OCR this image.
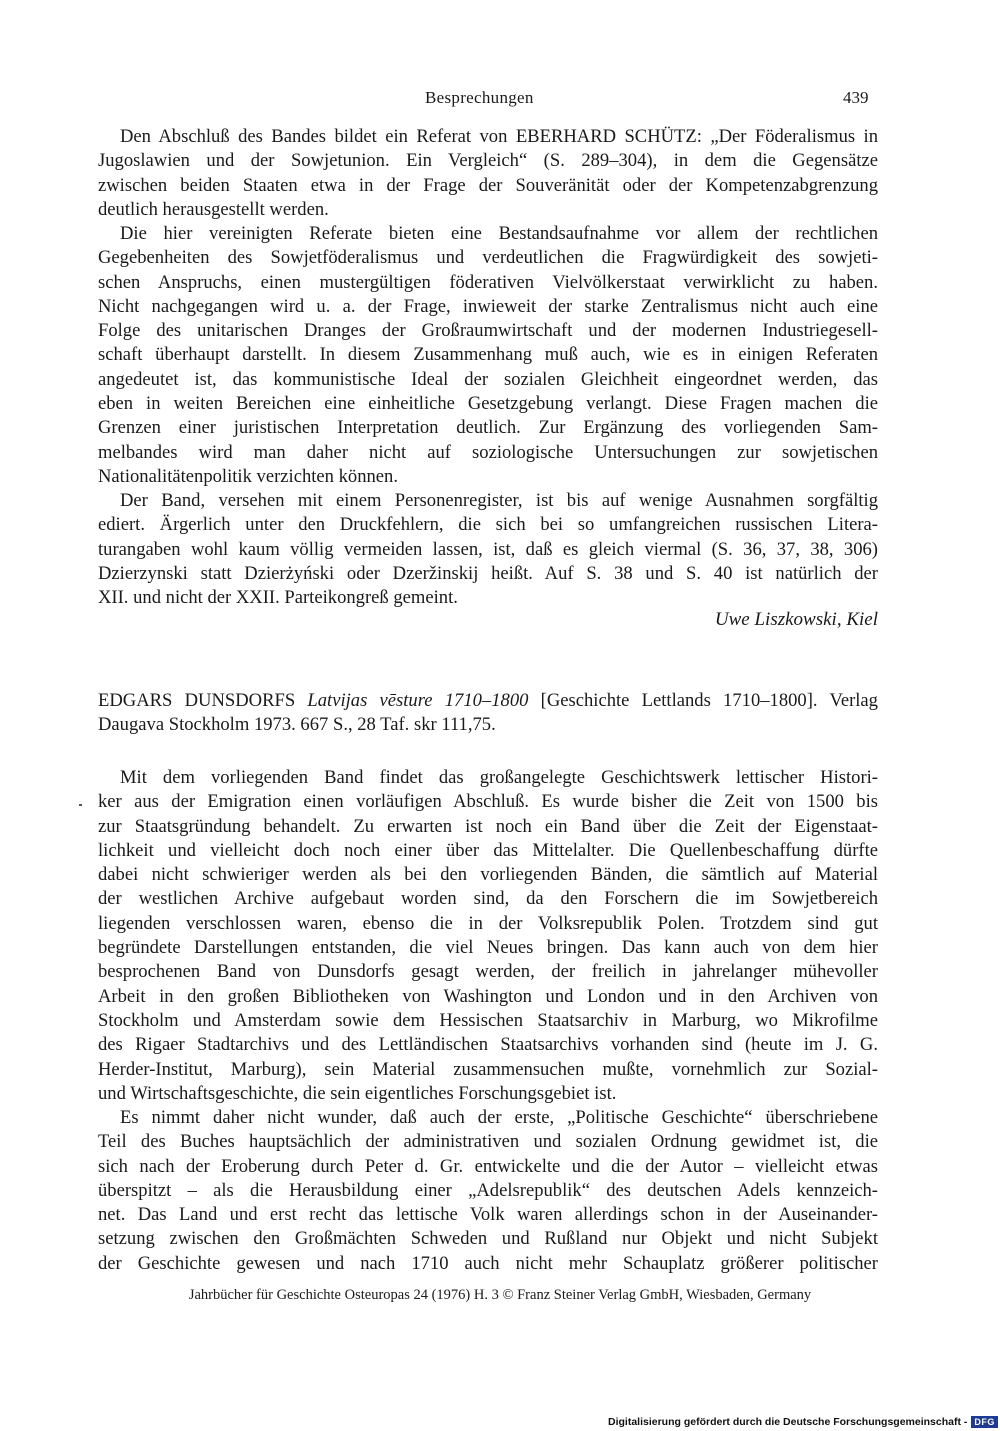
Besprechungen	439
Den Abschluß des Bandes bildet ein Referat von EBERHARD SCHÜTZ: „Der Föderalismus in
Jugoslawien und der Sowjetunion. Ein Vergleich“ (S. 289–304), in dem die Gegensätze
zwischen beiden Staaten etwa in der Frage der Souveränität oder der Kompetenzabgrenzung
deutlich herausgestellt werden.
Die hier vereinigten Referate bieten eine Bestandsaufnahme vor allem der rechtlichen
Gegebenheiten des Sowjetföderalismus und verdeutlichen die Fragwürdigkeit des sowjeti-
schen Anspruchs, einen mustergültigen föderativen Vielvölkerstaat verwirklicht zu haben.
Nicht nachgegangen wird u. a. der Frage, inwieweit der starke Zentralismus nicht auch eine
Folge des unitarischen Dranges der Großraumwirtschaft und der modernen Industriegesell-
schaft überhaupt darstellt. In diesem Zusammenhang muß auch, wie es in einigen Referaten
angedeutet ist, das kommunistische Ideal der sozialen Gleichheit eingeordnet werden, das
eben in weiten Bereichen eine einheitliche Gesetzgebung verlangt. Diese Fragen machen die
Grenzen einer juristischen Interpretation deutlich. Zur Ergänzung des vorliegenden Sam-
melbandes wird man daher nicht auf soziologische Untersuchungen zur sowjetischen
Nationalitätenpolitik verzichten können.
Der Band, versehen mit einem Personenregister, ist bis auf wenige Ausnahmen sorgfältig
ediert. Ärgerlich unter den Druckfehlern, die sich bei so umfangreichen russischen Litera-
turangaben wohl kaum völlig vermeiden lassen, ist, daß es gleich viermal (S. 36, 37, 38, 306)
Dzierzynski statt Dzierżyński oder Dzeržinskij heißt. Auf S. 38 und S. 40 ist natürlich der
XII. und nicht der XXII. Parteikongreß gemeint.
Uwe Liszkowski, Kiel
EDGARS DUNSDORFS Latvijas vēsture 1710–1800 [Geschichte Lettlands 1710–1800]. Verlag
Daugava Stockholm 1973. 667 S., 28 Taf. skr 111,75.
Mit dem vorliegenden Band findet das großangelegte Geschichtswerk lettischer Histori-
ker aus der Emigration einen vorläufigen Abschluß. Es wurde bisher die Zeit von 1500 bis
zur Staatsgründung behandelt. Zu erwarten ist noch ein Band über die Zeit der Eigenstaat-
lichkeit und vielleicht doch noch einer über das Mittelalter. Die Quellenbeschaffung dürfte
dabei nicht schwieriger werden als bei den vorliegenden Bänden, die sämtlich auf Material
der westlichen Archive aufgebaut worden sind, da den Forschern die im Sowjetbereich
liegenden verschlossen waren, ebenso die in der Volksrepublik Polen. Trotzdem sind gut
begründete Darstellungen entstanden, die viel Neues bringen. Das kann auch von dem hier
besprochenen Band von Dunsdorfs gesagt werden, der freilich in jahrelanger mühevoller
Arbeit in den großen Bibliotheken von Washington und London und in den Archiven von
Stockholm und Amsterdam sowie dem Hessischen Staatsarchiv in Marburg, wo Mikrofilme
des Rigaer Stadtarchivs und des Lettländischen Staatsarchivs vorhanden sind (heute im J. G.
Herder-Institut, Marburg), sein Material zusammensuchen mußte, vornehmlich zur Sozial-
und Wirtschaftsgeschichte, die sein eigentliches Forschungsgebiet ist.
Es nimmt daher nicht wunder, daß auch der erste, „Politische Geschichte“ überschriebene
Teil des Buches hauptsächlich der administrativen und sozialen Ordnung gewidmet ist, die
sich nach der Eroberung durch Peter d. Gr. entwickelte und die der Autor – vielleicht etwas
überspitzt – als die Herausbildung einer „Adelsrepublik“ des deutschen Adels kennzeich-
net. Das Land und erst recht das lettische Volk waren allerdings schon in der Auseinander-
setzung zwischen den Großmächten Schweden und Rußland nur Objekt und nicht Subjekt
der Geschichte gewesen und nach 1710 auch nicht mehr Schauplatz größerer politischer
Jahrbücher für Geschichte Osteuropas 24 (1976) H. 3 © Franz Steiner Verlag GmbH, Wiesbaden, Germany
Digitalisierung gefördert durch die Deutsche Forschungsgemeinschaft - DFG
